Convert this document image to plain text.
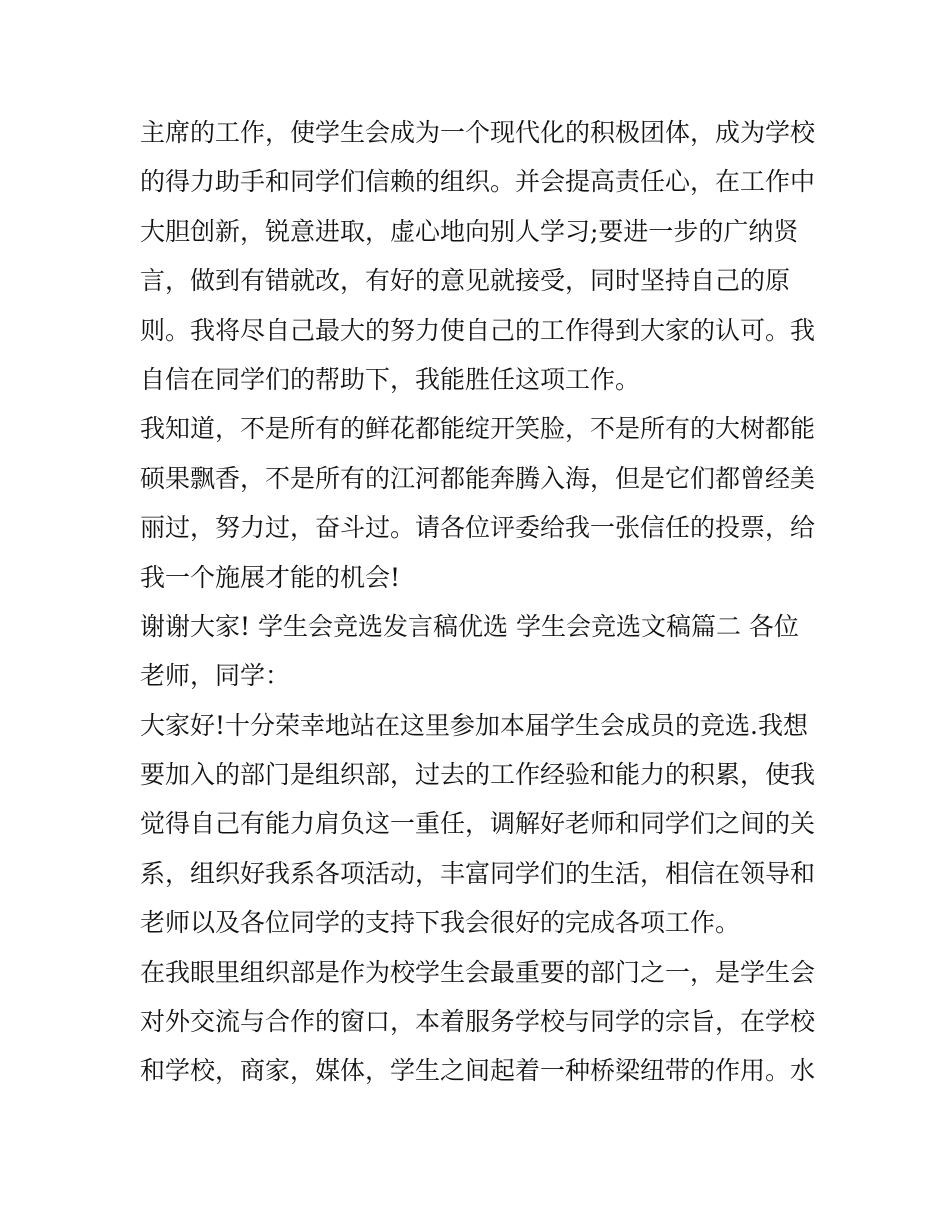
主席的工作，使学生会成为一个现代化的积极团体，成为学校
的得力助手和同学们信赖的组织。并会提高责任心，在工作中
大胆创新，锐意进取，虚心地向别人学习;要进一步的广纳贤
言，做到有错就改，有好的意见就接受，同时坚持自己的原
则。我将尽自己最大的努力使自己的工作得到大家的认可。我
自信在同学们的帮助下，我能胜任这项工作。
我知道，不是所有的鲜花都能绽开笑脸，不是所有的大树都能
硕果飘香，不是所有的江河都能奔腾入海，但是它们都曾经美
丽过，努力过，奋斗过。请各位评委给我一张信任的投票，给
我一个施展才能的机会!
谢谢大家! 学生会竞选发言稿优选 学生会竞选文稿篇二 各位
老师，同学：
大家好!十分荣幸地站在这里参加本届学生会成员的竞选.我想
要加入的部门是组织部，过去的工作经验和能力的积累，使我
觉得自己有能力肩负这一重任，调解好老师和同学们之间的关
系，组织好我系各项活动，丰富同学们的生活，相信在领导和
老师以及各位同学的支持下我会很好的完成各项工作。
在我眼里组织部是作为校学生会最重要的部门之一，是学生会
对外交流与合作的窗口，本着服务学校与同学的宗旨，在学校
和学校，商家，媒体，学生之间起着一种桥梁纽带的作用。水
